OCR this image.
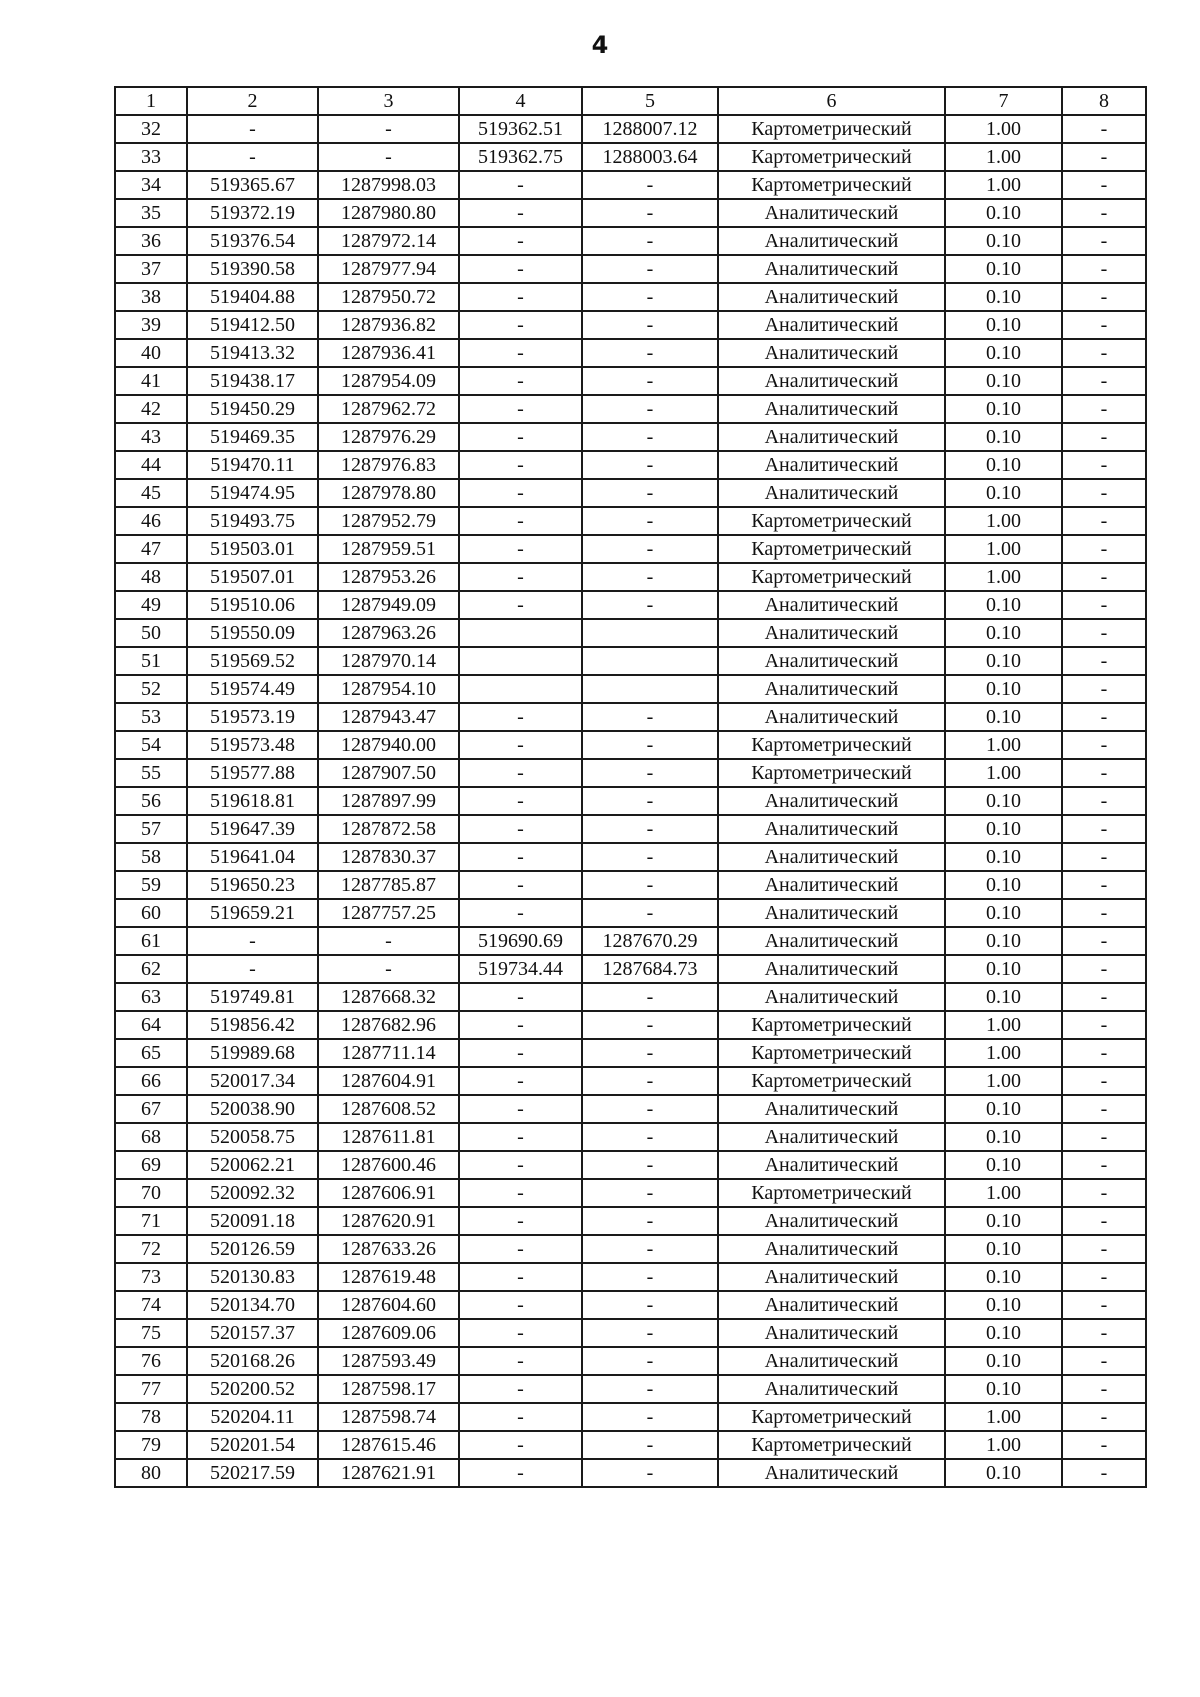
4
1	2	3	4	5	6	7	8
32	-	-	519362.51	1288007.12	Картометрический	1.00	-
33	-	-	519362.75	1288003.64	Картометрический	1.00	-
34	519365.67	1287998.03	-	-	Картометрический	1.00	-
35	519372.19	1287980.80	-	-	Аналитический	0.10	-
36	519376.54	1287972.14	-	-	Аналитический	0.10	-
37	519390.58	1287977.94	-	-	Аналитический	0.10	-
38	519404.88	1287950.72	-	-	Аналитический	0.10	-
39	519412.50	1287936.82	-	-	Аналитический	0.10	-
40	519413.32	1287936.41	-	-	Аналитический	0.10	-
41	519438.17	1287954.09	-	-	Аналитический	0.10	-
42	519450.29	1287962.72	-	-	Аналитический	0.10	-
43	519469.35	1287976.29	-	-	Аналитический	0.10	-
44	519470.11	1287976.83	-	-	Аналитический	0.10	-
45	519474.95	1287978.80	-	-	Аналитический	0.10	-
46	519493.75	1287952.79	-	-	Картометрический	1.00	-
47	519503.01	1287959.51	-	-	Картометрический	1.00	-
48	519507.01	1287953.26	-	-	Картометрический	1.00	-
49	519510.06	1287949.09	-	-	Аналитический	0.10	-
50	519550.09	1287963.26			Аналитический	0.10	-
51	519569.52	1287970.14			Аналитический	0.10	-
52	519574.49	1287954.10			Аналитический	0.10	-
53	519573.19	1287943.47	-	-	Аналитический	0.10	-
54	519573.48	1287940.00	-	-	Картометрический	1.00	-
55	519577.88	1287907.50	-	-	Картометрический	1.00	-
56	519618.81	1287897.99	-	-	Аналитический	0.10	-
57	519647.39	1287872.58	-	-	Аналитический	0.10	-
58	519641.04	1287830.37	-	-	Аналитический	0.10	-
59	519650.23	1287785.87	-	-	Аналитический	0.10	-
60	519659.21	1287757.25	-	-	Аналитический	0.10	-
61	-	-	519690.69	1287670.29	Аналитический	0.10	-
62	-	-	519734.44	1287684.73	Аналитический	0.10	-
63	519749.81	1287668.32	-	-	Аналитический	0.10	-
64	519856.42	1287682.96	-	-	Картометрический	1.00	-
65	519989.68	1287711.14	-	-	Картометрический	1.00	-
66	520017.34	1287604.91	-	-	Картометрический	1.00	-
67	520038.90	1287608.52	-	-	Аналитический	0.10	-
68	520058.75	1287611.81	-	-	Аналитический	0.10	-
69	520062.21	1287600.46	-	-	Аналитический	0.10	-
70	520092.32	1287606.91	-	-	Картометрический	1.00	-
71	520091.18	1287620.91	-	-	Аналитический	0.10	-
72	520126.59	1287633.26	-	-	Аналитический	0.10	-
73	520130.83	1287619.48	-	-	Аналитический	0.10	-
74	520134.70	1287604.60	-	-	Аналитический	0.10	-
75	520157.37	1287609.06	-	-	Аналитический	0.10	-
76	520168.26	1287593.49	-	-	Аналитический	0.10	-
77	520200.52	1287598.17	-	-	Аналитический	0.10	-
78	520204.11	1287598.74	-	-	Картометрический	1.00	-
79	520201.54	1287615.46	-	-	Картометрический	1.00	-
80	520217.59	1287621.91	-	-	Аналитический	0.10	-
